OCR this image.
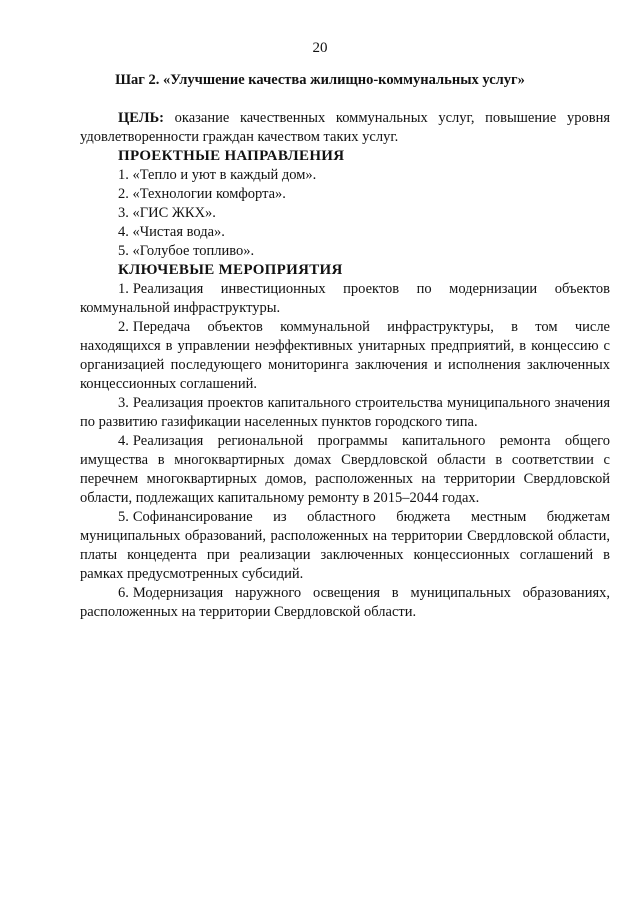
20
Шаг 2. «Улучшение качества жилищно-коммунальных услуг»

ЦЕЛЬ: оказание качественных коммунальных услуг, повышение уровня удовлетворенности граждан качеством таких услуг.

ПРОЕКТНЫЕ НАПРАВЛЕНИЯ
1. «Тепло и уют в каждый дом».
2. «Технологии комфорта».
3. «ГИС ЖКХ».
4. «Чистая вода».
5. «Голубое топливо».
КЛЮЧЕВЫЕ МЕРОПРИЯТИЯ
1. Реализация инвестиционных проектов по модернизации объектов коммунальной инфраструктуры.
2. Передача объектов коммунальной инфраструктуры, в том числе находящихся в управлении неэффективных унитарных предприятий, в концессию с организацией последующего мониторинга заключения и исполнения заключенных концессионных соглашений.
3. Реализация проектов капитального строительства муниципального значения по развитию газификации населенных пунктов городского типа.
4. Реализация региональной программы капитального ремонта общего имущества в многоквартирных домах Свердловской области в соответствии с перечнем многоквартирных домов, расположенных на территории Свердловской области, подлежащих капитальному ремонту в 2015–2044 годах.
5. Софинансирование из областного бюджета местным бюджетам муниципальных образований, расположенных на территории Свердловской области, платы концедента при реализации заключенных концессионных соглашений в рамках предусмотренных субсидий.
6. Модернизация наружного освещения в муниципальных образованиях, расположенных на территории Свердловской области.
